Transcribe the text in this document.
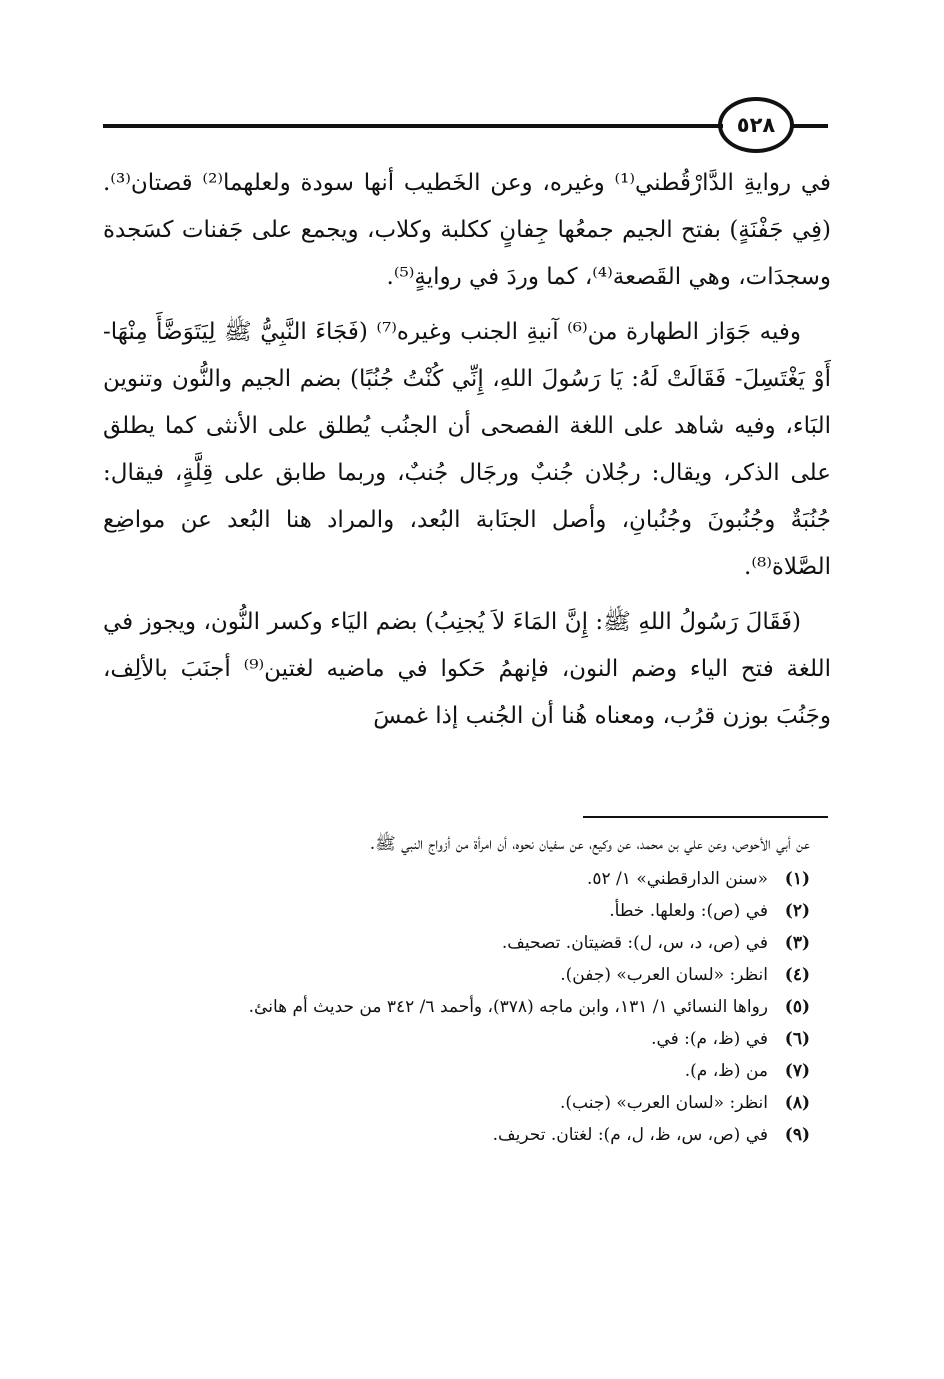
٥٢٨

في روايةِ الدَّارْقُطني⁽¹⁾ وغيره، وعن الخَطيب أنها سودة ولعلهما⁽²⁾ قصتان⁽³⁾. (فِي جَفْنَةٍ) بفتح الجيم جمعُها جِفانٍ ككلبة وكلاب، ويجمع على جَفنات كسَجدة وسجدَات، وهي القَصعة⁽⁴⁾، كما وردَ في روايةٍ⁽⁵⁾.

وفيه جَوَاز الطهارة من⁽⁶⁾ آنيةِ الجنب وغيره⁽⁷⁾ (فَجَاءَ النَّبِيُّ ﷺ لِيَتَوَضَّأَ مِنْهَا- أَوْ يَغْتَسِلَ- فَقَالَتْ لَهُ: يَا رَسُولَ اللهِ، إِنِّي كُنْتُ جُنُبًا) بضم الجيم والنُّون وتنوين البَاء، وفيه شاهد على اللغة الفصحى أن الجنُب يُطلق على الأنثى كما يطلق على الذكر، ويقال: رجُلان جُنبٌ ورجَال جُنبٌ، وربما طابق على قِلَّةٍ، فيقال: جُنُبَةٌ وجُنُبونَ وجُنُبانِ، وأصل الجنَابة البُعد، والمراد هنا البُعد عن مواضِع الصَّلاة⁽⁸⁾.

(فَقَالَ رَسُولُ اللهِ ﷺ: إِنَّ المَاءَ لاَ يُجنِبُ) بضم اليَاء وكسر النُّون، ويجوز في اللغة فتح الياء وضم النون، فإنهمُ حَكوا في ماضيه لغتين⁽⁹⁾ أجنَبَ بالألِف، وجَنُبَ بوزن قرُب، ومعناه هُنا أن الجُنب إذا غمسَ

عن أبي الأحوص، وعن علي بن محمد، عن وكيع، عن سفيان نحوه، أن امرأة من أزواج النبي ﷺ.

(١)«سنن الدارقطني» ١/ ٥٢.

(٢)في (ص): ولعلها. خطأ.

(٣)في (ص، د، س، ل): قضيتان. تصحيف.

(٤)انظر: «لسان العرب» (جفن).

(٥)رواها النسائي ١/ ١٣١، وابن ماجه (٣٧٨)، وأحمد ٦/ ٣٤٢ من حديث أم هانئ.

(٦)في (ظ، م): في.

(٧)من (ظ، م).

(٨)انظر: «لسان العرب» (جنب).

(٩)في (ص، س، ظ، ل، م): لغتان. تحريف.
